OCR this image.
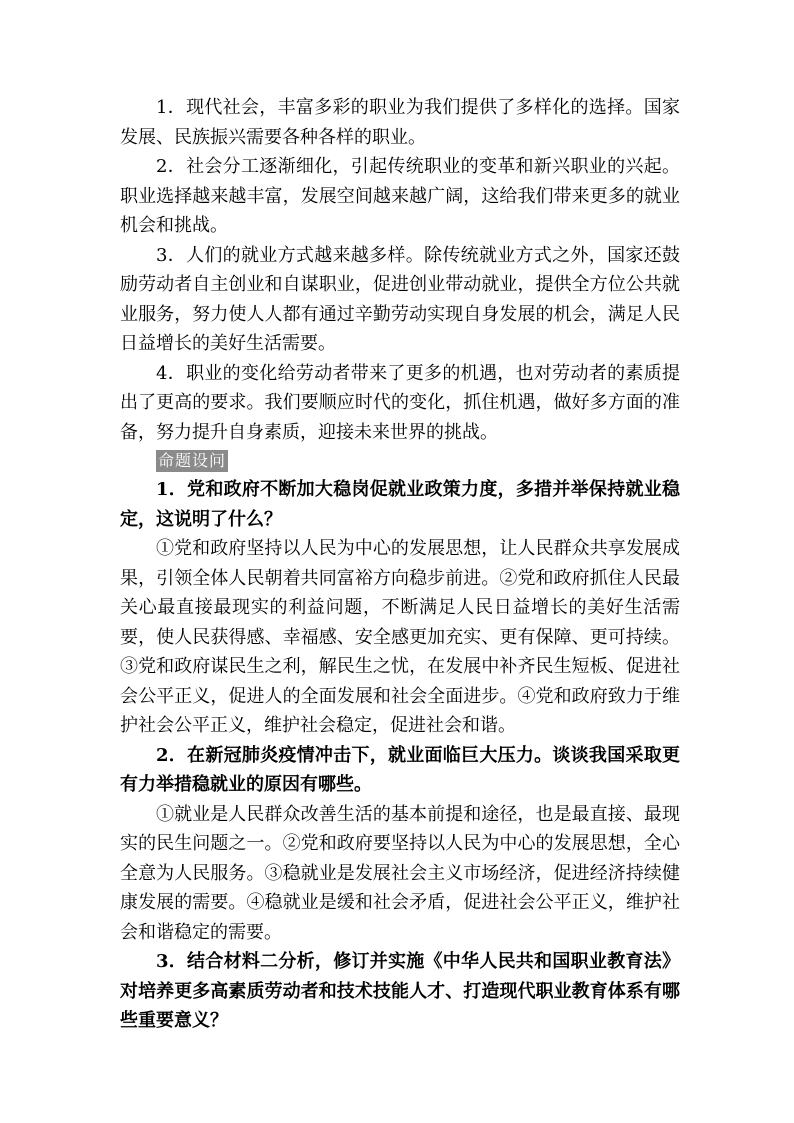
1．现代社会，丰富多彩的职业为我们提供了多样化的选择。国家发展、民族振兴需要各种各样的职业。

2．社会分工逐渐细化，引起传统职业的变革和新兴职业的兴起。职业选择越来越丰富，发展空间越来越广阔，这给我们带来更多的就业机会和挑战。

3．人们的就业方式越来越多样。除传统就业方式之外，国家还鼓励劳动者自主创业和自谋职业，促进创业带动就业，提供全方位公共就业服务，努力使人人都有通过辛勤劳动实现自身发展的机会，满足人民日益增长的美好生活需要。

4．职业的变化给劳动者带来了更多的机遇，也对劳动者的素质提出了更高的要求。我们要顺应时代的变化，抓住机遇，做好多方面的准备，努力提升自身素质，迎接未来世界的挑战。

命题设问

1．党和政府不断加大稳岗促就业政策力度，多措并举保持就业稳定，这说明了什么？

①党和政府坚持以人民为中心的发展思想，让人民群众共享发展成果，引领全体人民朝着共同富裕方向稳步前进。②党和政府抓住人民最关心最直接最现实的利益问题，不断满足人民日益增长的美好生活需要，使人民获得感、幸福感、安全感更加充实、更有保障、更可持续。③党和政府谋民生之利，解民生之忧，在发展中补齐民生短板、促进社会公平正义，促进人的全面发展和社会全面进步。④党和政府致力于维护社会公平正义，维护社会稳定，促进社会和谐。

2．在新冠肺炎疫情冲击下，就业面临巨大压力。谈谈我国采取更有力举措稳就业的原因有哪些。

①就业是人民群众改善生活的基本前提和途径，也是最直接、最现实的民生问题之一。②党和政府要坚持以人民为中心的发展思想，全心全意为人民服务。③稳就业是发展社会主义市场经济，促进经济持续健康发展的需要。④稳就业是缓和社会矛盾，促进社会公平正义，维护社会和谐稳定的需要。

3．结合材料二分析，修订并实施《中华人民共和国职业教育法》对培养更多高素质劳动者和技术技能人才、打造现代职业教育体系有哪些重要意义？
